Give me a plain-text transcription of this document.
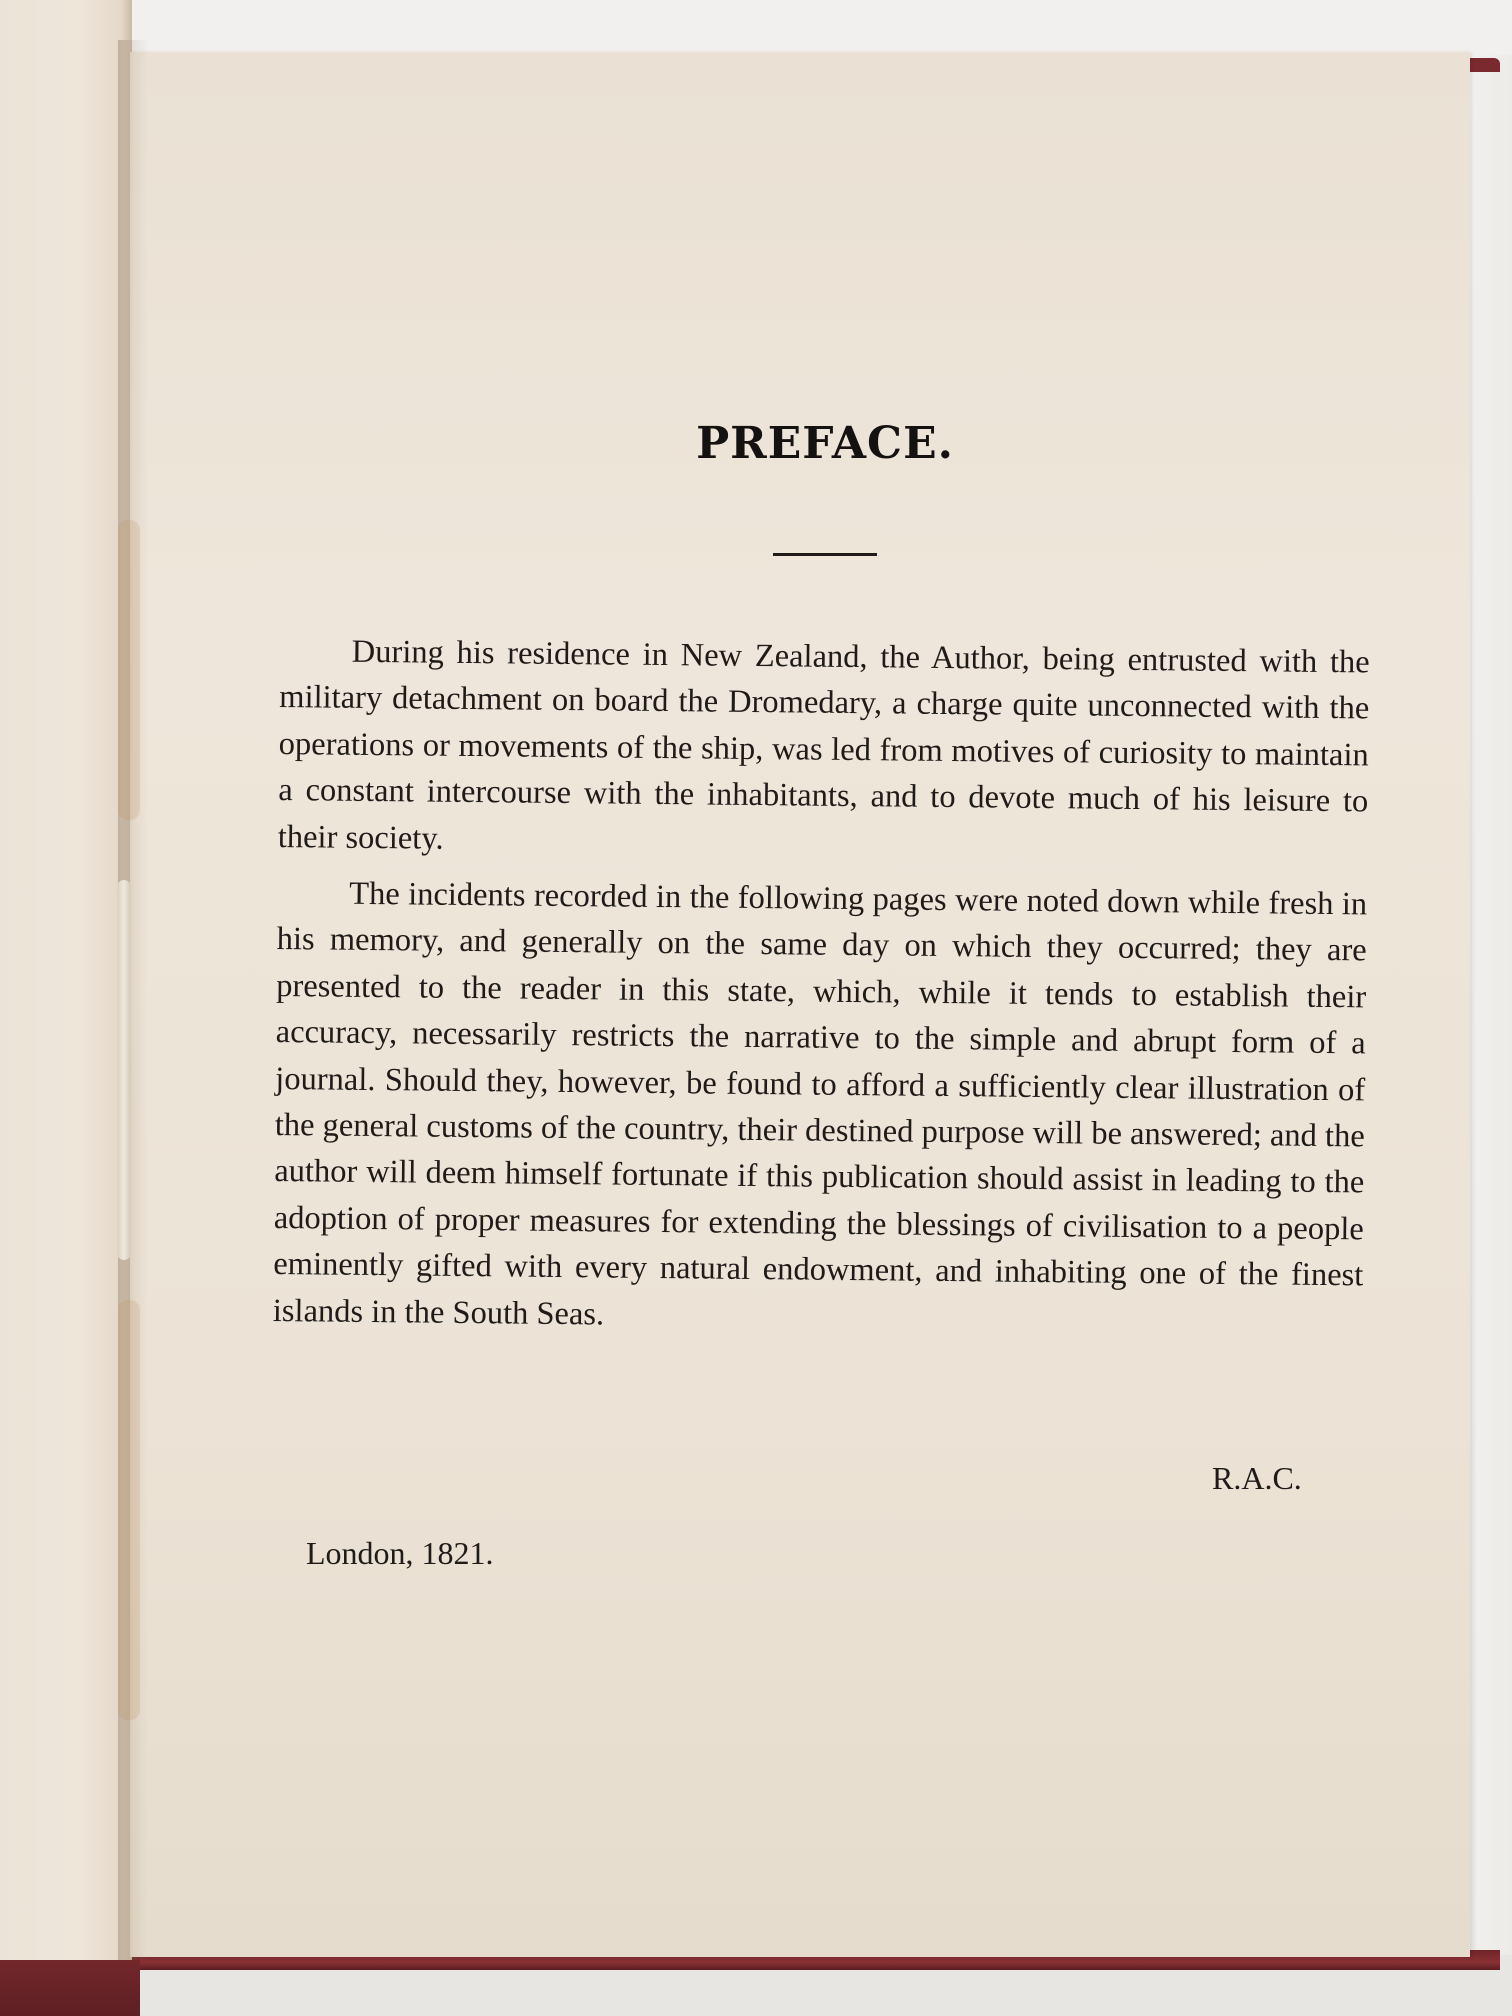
PREFACE.

During his residence in New Zealand, the Author, being entrusted with the military detachment on board the Dromedary, a charge quite unconnected with the operations or movements of the ship, was led from motives of curiosity to maintain a constant intercourse with the inhabitants, and to devote much of his leisure to their society.

The incidents recorded in the following pages were noted down while fresh in his memory, and generally on the same day on which they occurred; they are presented to the reader in this state, which, while it tends to establish their accuracy, necessarily restricts the narrative to the simple and abrupt form of a journal. Should they, however, be found to afford a sufficiently clear illustration of the general customs of the country, their destined purpose will be answered; and the author will deem himself fortunate if this publication should assist in leading to the adoption of proper measures for extending the blessings of civilisation to a people eminently gifted with every natural endowment, and inhabiting one of the finest islands in the South Seas.

R.A.C.
London, 1821.
